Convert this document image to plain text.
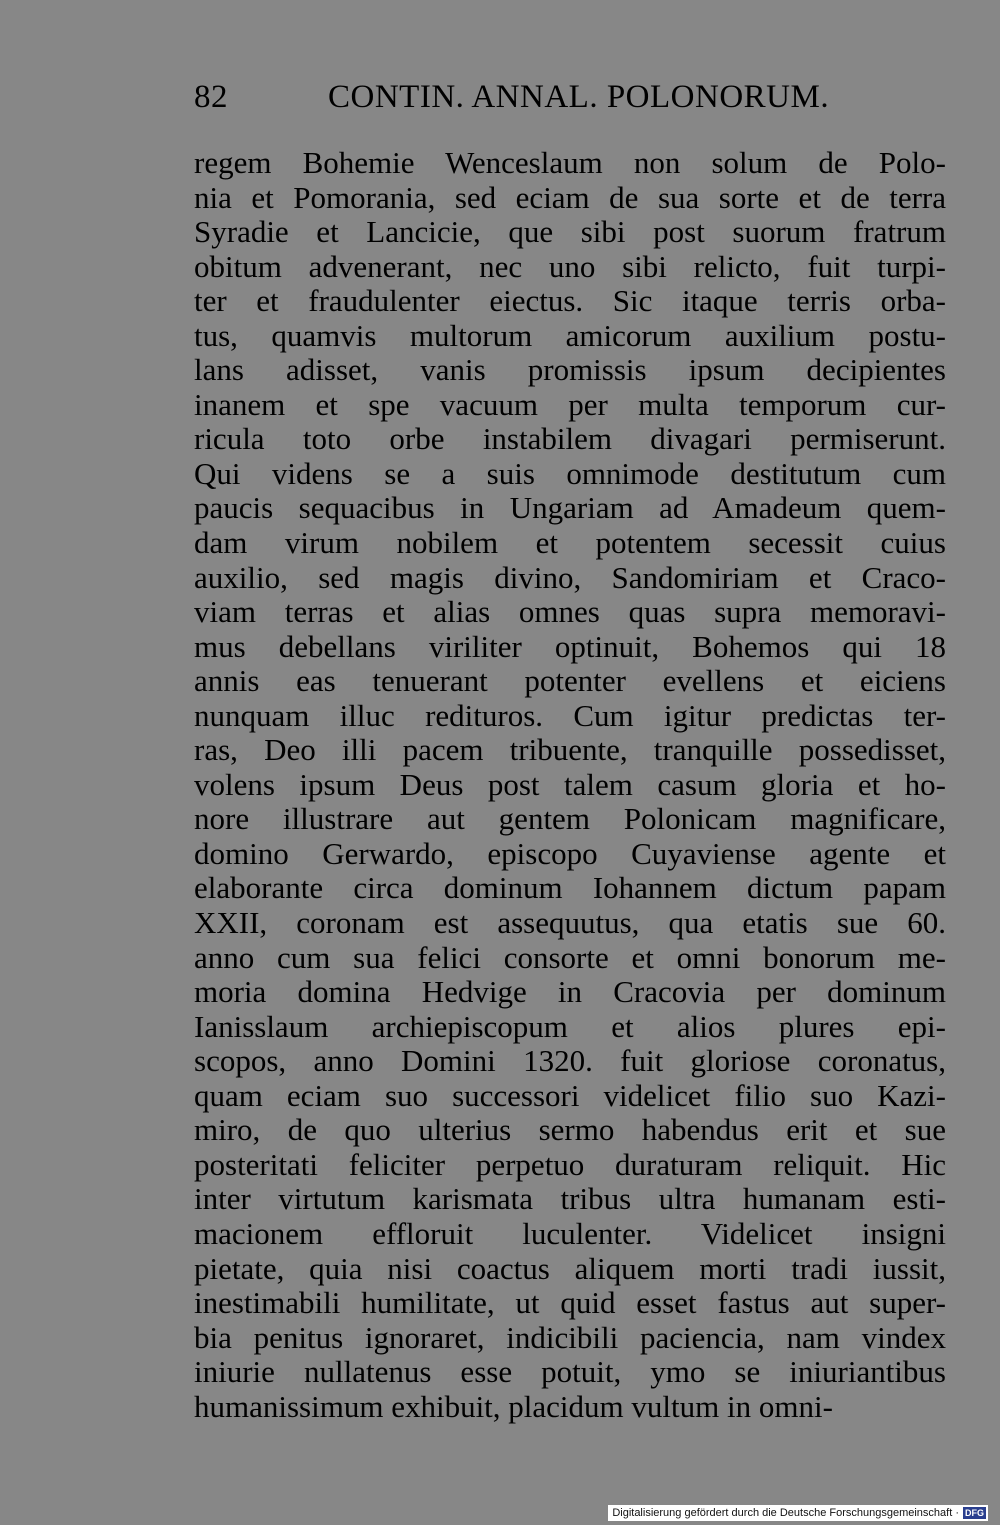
82	CONTIN. ANNAL. POLONORUM.
regem Bohemie Wenceslaum non solum de Polo-
nia et Pomorania, sed eciam de sua sorte et de terra
Syradie et Lancicie, que sibi post suorum fratrum
obitum advenerant, nec uno sibi relicto, fuit turpi-
ter et fraudulenter eiectus. Sic itaque terris orba-
tus, quamvis multorum amicorum auxilium postu-
lans adisset, vanis promissis ipsum decipientes
inanem et spe vacuum per multa temporum cur-
ricula toto orbe instabilem divagari permiserunt.
Qui videns se a suis omnimode destitutum cum
paucis sequacibus in Ungariam ad Amadeum quem-
dam virum nobilem et potentem secessit cuius
auxilio, sed magis divino, Sandomiriam et Craco-
viam terras et alias omnes quas supra memoravi-
mus debellans viriliter optinuit, Bohemos qui 18
annis eas tenuerant potenter evellens et eiciens
nunquam illuc redituros. Cum igitur predictas ter-
ras, Deo illi pacem tribuente, tranquille possedisset,
volens ipsum Deus post talem casum gloria et ho-
nore illustrare aut gentem Polonicam magnificare,
domino Gerwardo, episcopo Cuyaviense agente et
elaborante circa dominum Iohannem dictum papam
XXII, coronam est assequutus, qua etatis sue 60.
anno cum sua felici consorte et omni bonorum me-
moria domina Hedvige in Cracovia per dominum
Ianisslaum archiepiscopum et alios plures epi-
scopos, anno Domini 1320. fuit gloriose coronatus,
quam eciam suo successori videlicet filio suo Kazi-
miro, de quo ulterius sermo habendus erit et sue
posteritati feliciter perpetuo duraturam reliquit. Hic
inter virtutum karismata tribus ultra humanam esti-
macionem effloruit luculenter. Videlicet insigni
pietate, quia nisi coactus aliquem morti tradi iussit,
inestimabili humilitate, ut quid esset fastus aut super-
bia penitus ignoraret, indicibili paciencia, nam vindex
iniurie nullatenus esse potuit, ymo se iniuriantibus
humanissimum exhibuit, placidum vultum in omni-
Digitalisierung gefördert durch die Deutsche Forschungsgemeinschaft · DFG
